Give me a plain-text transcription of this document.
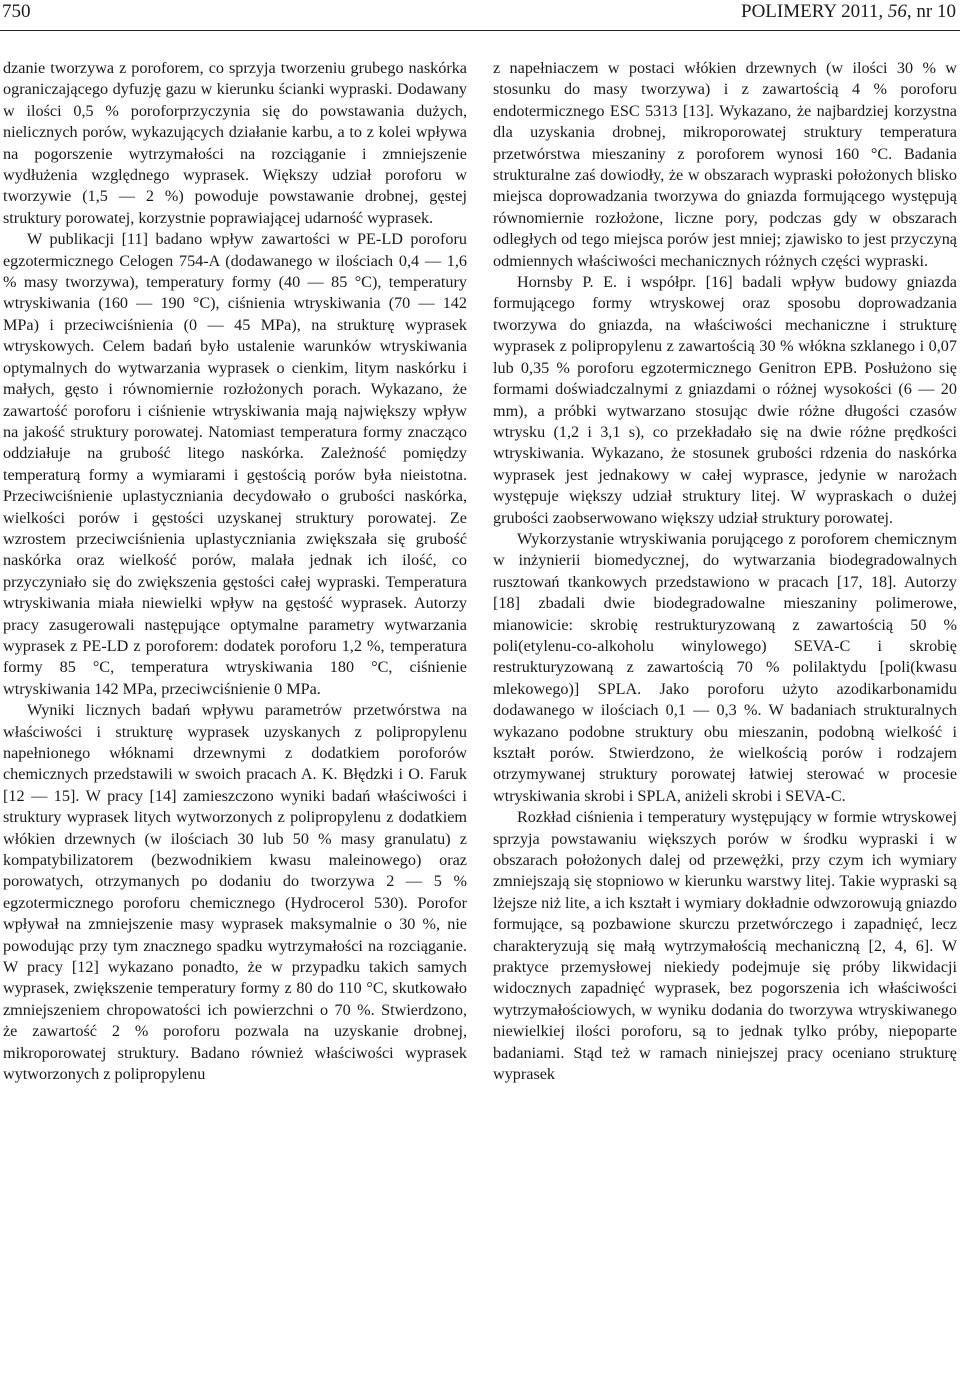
750	POLIMERY 2011, 56, nr 10

dzanie tworzywa z poroforem, co sprzyja tworzeniu grubego naskórka ograniczającego dyfuzję gazu w kierunku ścianki wypraski. Dodawany w ilości 0,5 % poroforprzyczynia się do powstawania dużych, nielicznych porów, wykazujących działanie karbu, a to z kolei wpływa na pogorszenie wytrzymałości na rozciąganie i zmniejszenie wydłużenia względnego wyprasek. Większy udział poroforu w tworzywie (1,5 — 2 %) powoduje powstawanie drobnej, gęstej struktury porowatej, korzystnie poprawiającej udarność wyprasek.

W publikacji [11] badano wpływ zawartości w PE-LD poroforu egzotermicznego Celogen 754-A (dodawanego w ilościach 0,4 — 1,6 % masy tworzywa), temperatury formy (40 — 85 °C), temperatury wtryskiwania (160 — 190 °C), ciśnienia wtryskiwania (70 — 142 MPa) i przeciwciśnienia (0 — 45 MPa), na strukturę wyprasek wtryskowych. Celem badań było ustalenie warunków wtryskiwania optymalnych do wytwarzania wyprasek o cienkim, litym naskórku i małych, gęsto i równomiernie rozłożonych porach. Wykazano, że zawartość poroforu i ciśnienie wtryskiwania mają największy wpływ na jakość struktury porowatej. Natomiast temperatura formy znacząco oddziałuje na grubość litego naskórka. Zależność pomiędzy temperaturą formy a wymiarami i gęstością porów była nieistotna. Przeciwciśnienie uplastyczniania decydowało o grubości naskórka, wielkości porów i gęstości uzyskanej struktury porowatej. Ze wzrostem przeciwciśnienia uplastyczniania zwiększała się grubość naskórka oraz wielkość porów, malała jednak ich ilość, co przyczyniało się do zwiększenia gęstości całej wypraski. Temperatura wtryskiwania miała niewielki wpływ na gęstość wyprasek. Autorzy pracy zasugerowali następujące optymalne parametry wytwarzania wyprasek z PE-LD z poroforem: dodatek poroforu 1,2 %, temperatura formy 85 °C, temperatura wtryskiwania 180 °C, ciśnienie wtryskiwania 142 MPa, przeciwciśnienie 0 MPa.

Wyniki licznych badań wpływu parametrów przetwórstwa na właściwości i strukturę wyprasek uzyskanych z polipropylenu napełnionego włóknami drzewnymi z dodatkiem poroforów chemicznych przedstawili w swoich pracach A. K. Błędzki i O. Faruk [12 — 15]. W pracy [14] zamieszczono wyniki badań właściwości i struktury wyprasek litych wytworzonych z polipropylenu z dodatkiem włókien drzewnych (w ilościach 30 lub 50 % masy granulatu) z kompatybilizatorem (bezwodnikiem kwasu maleinowego) oraz porowatych, otrzymanych po dodaniu do tworzywa 2 — 5 % egzotermicznego poroforu chemicznego (Hydrocerol 530). Porofor wpływał na zmniejszenie masy wyprasek maksymalnie o 30 %, nie powodując przy tym znacznego spadku wytrzymałości na rozciąganie. W pracy [12] wykazano ponadto, że w przypadku takich samych wyprasek, zwiększenie temperatury formy z 80 do 110 °C, skutkowało zmniejszeniem chropowatości ich powierzchni o 70 %. Stwierdzono, że zawartość 2 % poroforu pozwala na uzyskanie drobnej, mikroporowatej struktury. Badano również właściwości wyprasek wytworzonych z polipropylenu

z napełniaczem w postaci włókien drzewnych (w ilości 30 % w stosunku do masy tworzywa) i z zawartością 4 % poroforu endotermicznego ESC 5313 [13]. Wykazano, że najbardziej korzystna dla uzyskania drobnej, mikroporowatej struktury temperatura przetwórstwa mieszaniny z poroforem wynosi 160 °C. Badania strukturalne zaś dowiodły, że w obszarach wypraski położonych blisko miejsca doprowadzania tworzywa do gniazda formującego występują równomiernie rozłożone, liczne pory, podczas gdy w obszarach odległych od tego miejsca porów jest mniej; zjawisko to jest przyczyną odmiennych właściwości mechanicznych różnych części wypraski.

Hornsby P. E. i współpr. [16] badali wpływ budowy gniazda formującego formy wtryskowej oraz sposobu doprowadzania tworzywa do gniazda, na właściwości mechaniczne i strukturę wyprasek z polipropylenu z zawartością 30 % włókna szklanego i 0,07 lub 0,35 % poroforu egzotermicznego Genitron EPB. Posłużono się formami doświadczalnymi z gniazdami o różnej wysokości (6 — 20 mm), a próbki wytwarzano stosując dwie różne długości czasów wtrysku (1,2 i 3,1 s), co przekładało się na dwie różne prędkości wtryskiwania. Wykazano, że stosunek grubości rdzenia do naskórka wyprasek jest jednakowy w całej wyprasce, jedynie w narożach występuje większy udział struktury litej. W wypraskach o dużej grubości zaobserwowano większy udział struktury porowatej.

Wykorzystanie wtryskiwania porującego z poroforem chemicznym w inżynierii biomedycznej, do wytwarzania biodegradowalnych rusztowań tkankowych przedstawiono w pracach [17, 18]. Autorzy [18] zbadali dwie biodegradowalne mieszaniny polimerowe, mianowicie: skrobię restrukturyzowaną z zawartością 50 % poli(etylenu-co-alkoholu winylowego) SEVA-C i skrobię restrukturyzowaną z zawartością 70 % polilaktydu [poli(kwasu mlekowego)] SPLA. Jako poroforu użyto azodikarbonamidu dodawanego w ilościach 0,1 — 0,3 %. W badaniach strukturalnych wykazano podobne struktury obu mieszanin, podobną wielkość i kształt porów. Stwierdzono, że wielkością porów i rodzajem otrzymywanej struktury porowatej łatwiej sterować w procesie wtryskiwania skrobi i SPLA, aniżeli skrobi i SEVA-C.

Rozkład ciśnienia i temperatury występujący w formie wtryskowej sprzyja powstawaniu większych porów w środku wypraski i w obszarach położonych dalej od przewężki, przy czym ich wymiary zmniejszają się stopniowo w kierunku warstwy litej. Takie wypraski są lżejsze niż lite, a ich kształt i wymiary dokładnie odwzorowują gniazdo formujące, są pozbawione skurczu przetwórczego i zapadnięć, lecz charakteryzują się małą wytrzymałością mechaniczną [2, 4, 6]. W praktyce przemysłowej niekiedy podejmuje się próby likwidacji widocznych zapadnięć wyprasek, bez pogorszenia ich właściwości wytrzymałościowych, w wyniku dodania do tworzywa wtryskiwanego niewielkiej ilości poroforu, są to jednak tylko próby, niepoparte badaniami. Stąd też w ramach niniejszej pracy oceniano strukturę wyprasek
